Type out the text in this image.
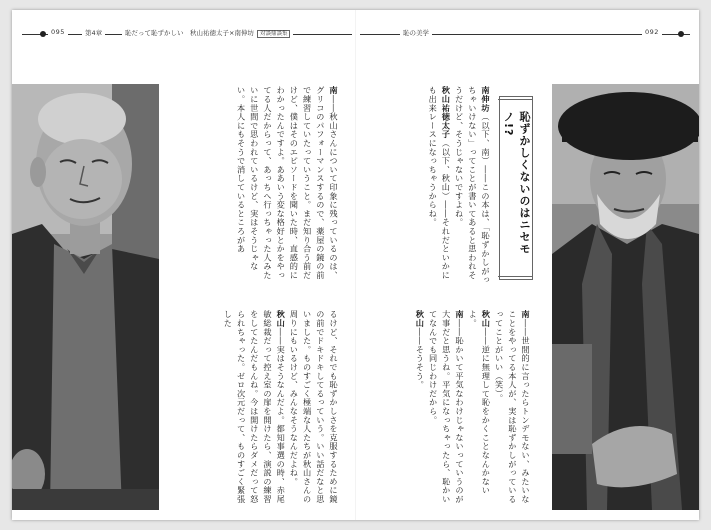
095	第4章	恥だって恥ずかしい　秋山祐徳太子×南伸坊 対談鼎談集	恥の美学	092
恥ずかしくないのはニセモノ!?

南伸坊（以下、南）――この本は、「恥ずかしがっちゃいけない」ってことが書いてあると思われそうだけど、そうじゃないですよね。

秋山祐徳太子（以下、秋山）――それだといかにも出来レースになっちゃうからね。

南――世間的に言ったらトンデモない、みたいなことをやってる本人が、実は恥ずかしがっているってことがいい（笑）。

秋山――逆に無理して恥をかくことなんかないよ。

南――恥かいて平気なわけじゃないっていうのが大事だと思うね。平気になっちゃったら、恥かいてなんでも同じわけだから。

秋山――そうそう。

南――秋山さんについて印象に残っているのは、グリコのパフォーマンスするので、薬屋の鏡の前で練習していたっていうこと。まだ知り合う前だけど、僕はそのエピソードを聞いた時、直感的にわかったんですよ。ああいう変な格好とかをやってる人だからって、あっちへ行っちゃった人みたいに世間で思われているけど、実はそうじゃない。本人にもそうで消しているところがあ

るけど、それでも恥ずかしさを克服するために鏡の前でドキドキしてるっていう。いい話だなと思いました。ものすごく極端な人たちが秋山さんの周りにもいるけど、みんなそうなんだよね。

秋山――実はそうなんだよ。都知事選の時、赤尾敏総裁だって控え室の扉を開けたら、演説の練習をしてたんだもんね。今は開けたらダメだって怒られちゃった。ゼロ次元だって、ものすごく緊張した
